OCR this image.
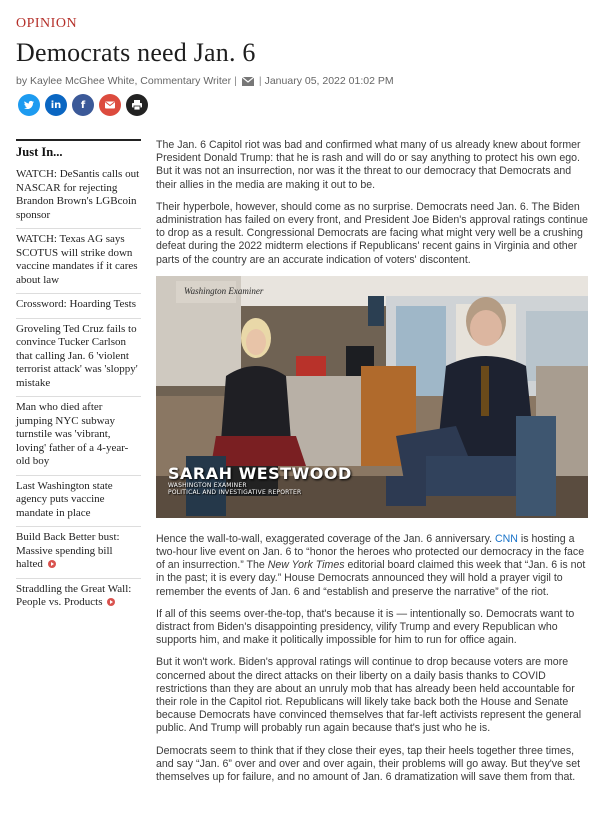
OPINION
Democrats need Jan. 6
by Kaylee McGhee White, Commentary Writer | | January 05, 2022 01:02 PM
in f
Just In...
WATCH: DeSantis calls out NASCAR for rejecting Brandon Brown's LGBcoin sponsor
WATCH: Texas AG says SCOTUS will strike down vaccine mandates if it cares about law
Crossword: Hoarding Tests
Groveling Ted Cruz fails to convince Tucker Carlson that calling Jan. 6 'violent terrorist attack' was 'sloppy' mistake
Man who died after jumping NYC subway turnstile was 'vibrant, loving' father of a 4-year-old boy
Last Washington state agency puts vaccine mandate in place
Build Back Better bust: Massive spending bill halted
Straddling the Great Wall: People vs. Products

The Jan. 6 Capitol riot was bad and confirmed what many of us already knew about former President Donald Trump: that he is rash and will do or say anything to protect his own ego. But it was not an insurrection, nor was it the threat to our democracy that Democrats and their allies in the media are making it out to be.

Their hyperbole, however, should come as no surprise. Democrats need Jan. 6. The Biden administration has failed on every front, and President Joe Biden's approval ratings continue to drop as a result. Congressional Democrats are facing what might very well be a crushing defeat during the 2022 midterm elections if Republicans' recent gains in Virginia and other parts of the country are an accurate indication of voters' discontent.

Washington Examiner
SARAH WESTWOOD
WASHINGTON EXAMINER
POLITICAL AND INVESTIGATIVE REPORTER

Hence the wall-to-wall, exaggerated coverage of the Jan. 6 anniversary. CNN is hosting a two-hour live event on Jan. 6 to “honor the heroes who protected our democracy in the face of an insurrection.” The New York Times editorial board claimed this week that “Jan. 6 is not in the past; it is every day.” House Democrats announced they will hold a prayer vigil to remember the events of Jan. 6 and “establish and preserve the narrative” of the riot.

If all of this seems over-the-top, that's because it is — intentionally so. Democrats want to distract from Biden's disappointing presidency, vilify Trump and every Republican who supports him, and make it politically impossible for him to run for office again.

But it won't work. Biden's approval ratings will continue to drop because voters are more concerned about the direct attacks on their liberty on a daily basis thanks to COVID restrictions than they are about an unruly mob that has already been held accountable for their role in the Capitol riot. Republicans will likely take back both the House and Senate because Democrats have convinced themselves that far-left activists represent the general public. And Trump will probably run again because that's just who he is.

Democrats seem to think that if they close their eyes, tap their heels together three times, and say “Jan. 6” over and over and over again, their problems will go away. But they've set themselves up for failure, and no amount of Jan. 6 dramatization will save them from that.
